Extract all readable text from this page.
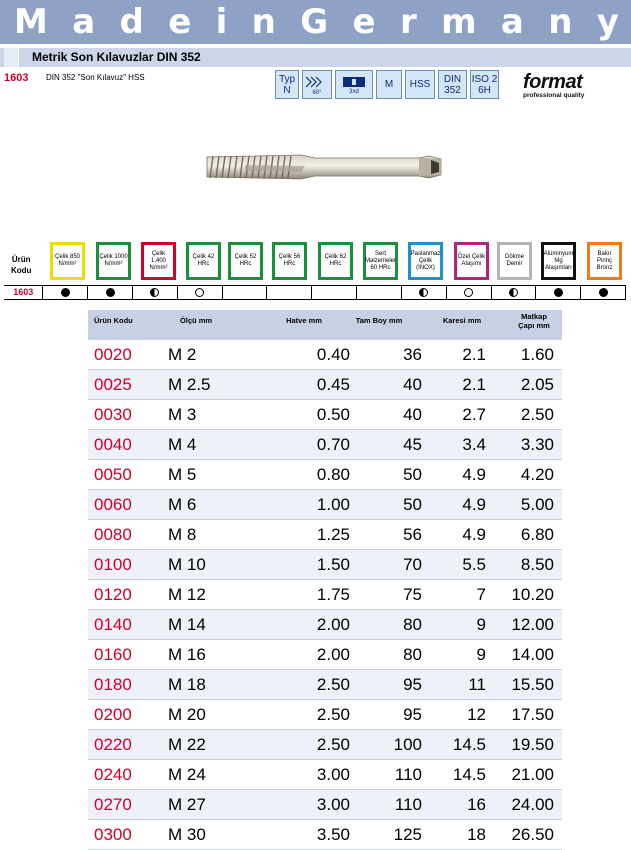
M a d e i n G e r m a n y
Metrik Son Kılavuzlar DIN 352
1603 DIN 352 "Son Kılavuz" HSS	Typ
N	60°	3xd
M HSS DIN
352
ISO 2
6H format
professional quality
Ürün
Kodu
Çelik 850 N/mm²
Çelik 1000 N/mm²
Çelik 1.400 N/mm²
Çelik 42 HRc
Çelik 52 HRc
Çelik 56 HRc
Çelik 62 HRc
Sert Malzemeler 60 HRc
Paslanmaz Çelik (INOX)
Özel Çelik Alaşımı
Dökme Demir
Alüminyum Mg Alaşımları
Bakır Pirinç Bronz
1603
Ürün Kodu	Ölçü mm	Hatve mm	Tam Boy mm	Karesi mm	Matkap Çapı mm
0020 M 2	0.40	36	2.1	1.60
0025 M 2.5	0.45	40	2.1	2.05
0030 M 3	0.50	40	2.7	2.50
0040 M 4	0.70	45	3.4	3.30
0050 M 5	0.80	50	4.9	4.20
0060 M 6	1.00	50	4.9	5.00
0080 M 8	1.25	56	4.9	6.80
0100 M 10	1.50	70	5.5	8.50
0120 M 12	1.75	75	7	10.20
0140 M 14	2.00	80	9	12.00
0160 M 16	2.00	80	9	14.00
0180 M 18	2.50	95	11	15.50
0200 M 20	2.50	95	12	17.50
0220 M 22	2.50	100	14.5	19.50
0240 M 24	3.00	110	14.5	21.00
0270 M 27	3.00	110	16	24.00
0300 M 30	3.50	125	18	26.50
